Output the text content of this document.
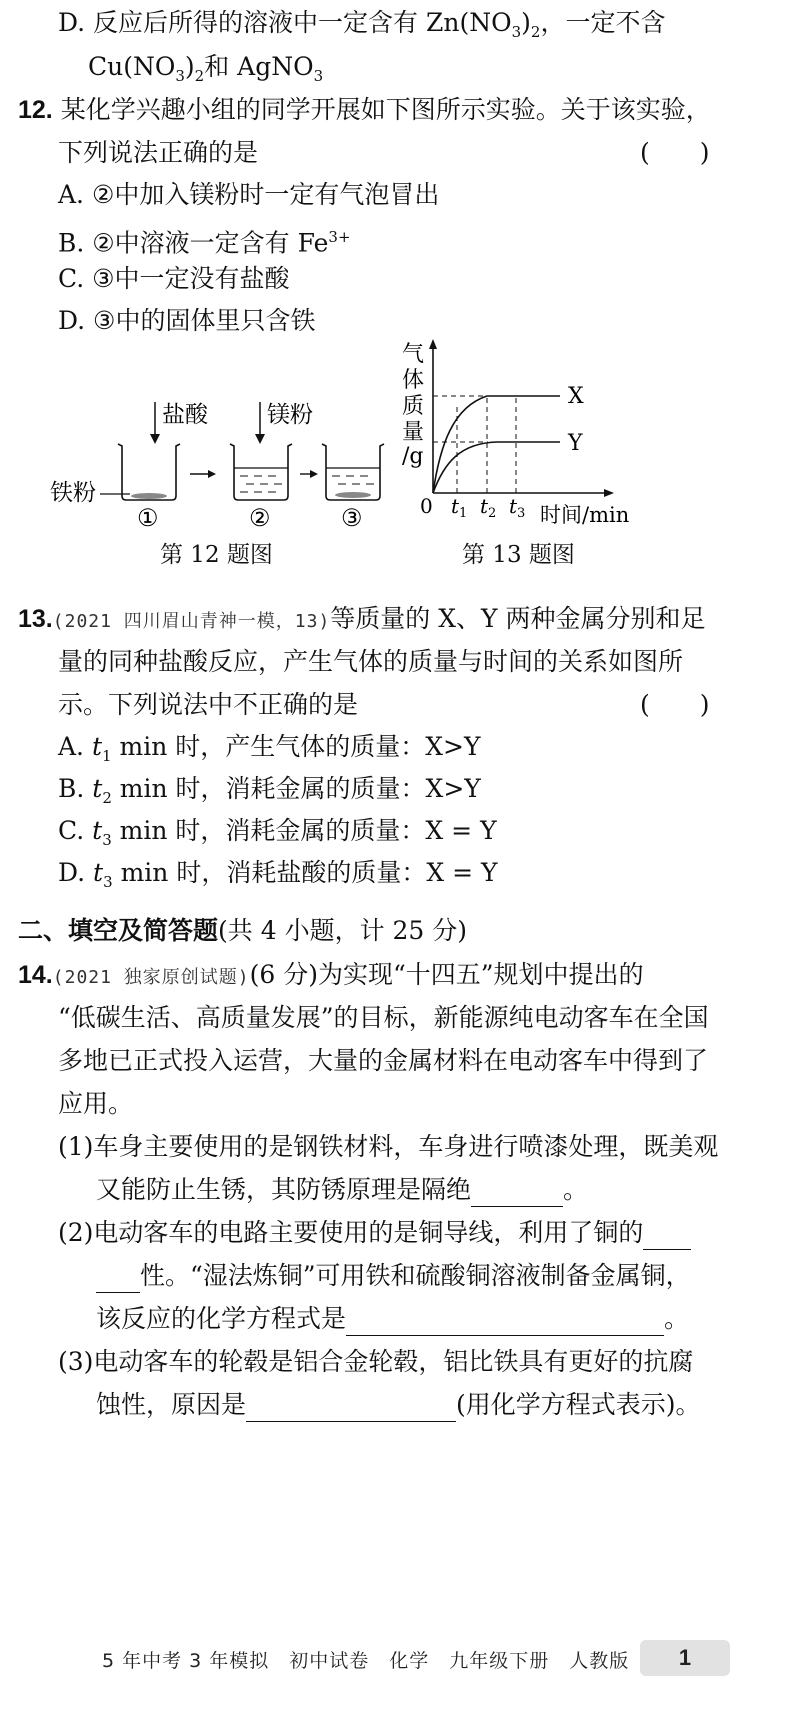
D. 反应后所得的溶液中一定含有 $Zn(NO_3)_2$，一定不含
$Cu(NO_3)_2$和 AgNO$_3$
12. 某化学兴趣小组的同学开展如下图所示实验。关于该实验，
下列说法正确的是	(　　)
A. ②中加入镁粉时一定有气泡冒出
B. ②中溶液一定含有 $Fe^{3+}$
C. ③中一定没有盐酸
D. ③中的固体里只含铁
盐酸	镁粉
铁粉
①	②	③
气
体
质
量
/g
X
Y
0 $t_1$ $t_2$ $t_3$ 时间/min
第 12 题图	第 13 题图
13.(2021 四川眉山青神一模，13)等质量的 X、Y 两种金属分别和足
量的同种盐酸反应，产生气体的质量与时间的关系如图所
示。下列说法中不正确的是	(　　)
A. $t_1$ min 时，产生气体的质量：X>Y
B. $t_2$ min 时，消耗金属的质量：X>Y
C. $t_3$ min 时，消耗金属的质量：X = Y
D. $t_3$ min 时，消耗盐酸的质量：X = Y
二、填空及简答题(共 4 小题，计 25 分)
14.(2021 独家原创试题)(6 分)为实现“十四五”规划中提出的
“低碳生活、高质量发展”的目标，新能源纯电动客车在全国
多地已正式投入运营，大量的金属材料在电动客车中得到了
应用。
(1)车身主要使用的是钢铁材料，车身进行喷漆处理，既美观
又能防止生锈，其防锈原理是隔绝	。
(2)电动客车的电路主要使用的是铜导线，利用了铜的
性。“湿法炼铜”可用铁和硫酸铜溶液制备金属铜，
该反应的化学方程式是	。
(3)电动客车的轮毂是铝合金轮毂，铝比铁具有更好的抗腐
蚀性，原因是	(用化学方程式表示)。
5 年中考 3 年模拟　初中试卷　化学　九年级下册　人教版	1
